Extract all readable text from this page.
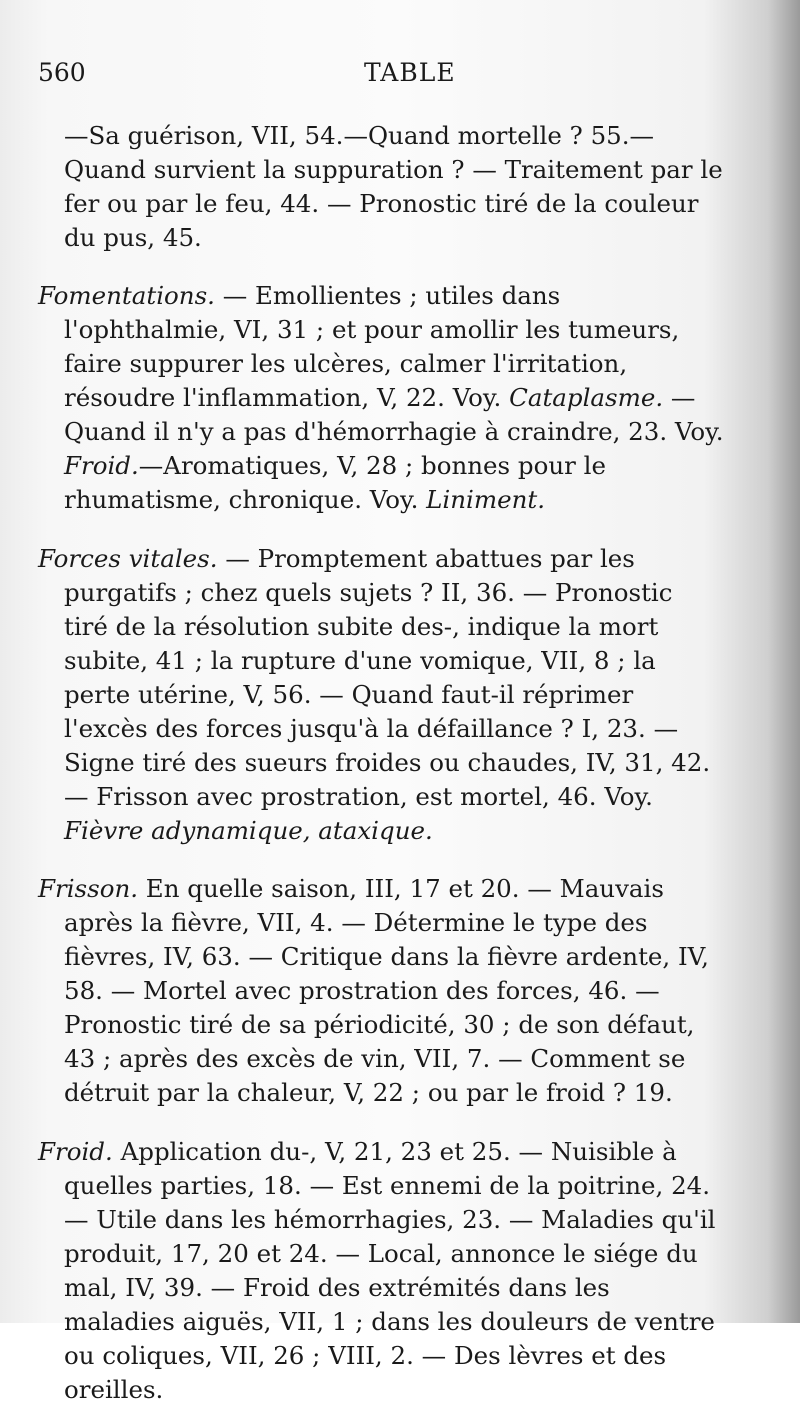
560	TABLE

—Sa guérison, VII, 54.—Quand mortelle ? 55.—Quand survient la suppuration ? — Traitement par le fer ou par le feu, 44. — Pronostic tiré de la couleur du pus, 45.

Fomentations. — Emollientes ; utiles dans l'ophthalmie, VI, 31 ; et pour amollir les tumeurs, faire suppurer les ulcères, calmer l'irritation, résoudre l'inflammation, V, 22. Voy. Cataplasme. — Quand il n'y a pas d'hémorrhagie à craindre, 23. Voy. Froid.—Aromatiques, V, 28 ; bonnes pour le rhumatisme, chronique. Voy. Liniment.

Forces vitales. — Promptement abattues par les purgatifs ; chez quels sujets ? II, 36. — Pronostic tiré de la résolution subite des-, indique la mort subite, 41 ; la rupture d'une vomique, VII, 8 ; la perte utérine, V, 56. — Quand faut-il réprimer l'excès des forces jusqu'à la défaillance ? I, 23. — Signe tiré des sueurs froides ou chaudes, IV, 31, 42. — Frisson avec prostration, est mortel, 46. Voy. Fièvre adynamique, ataxique.

Frisson. En quelle saison, III, 17 et 20. — Mauvais après la fièvre, VII, 4. — Détermine le type des fièvres, IV, 63. — Critique dans la fièvre ardente, IV, 58. — Mortel avec prostration des forces, 46. — Pronostic tiré de sa périodicité, 30 ; de son défaut, 43 ; après des excès de vin, VII, 7. — Comment se détruit par la chaleur, V, 22 ; ou par le froid ? 19.

Froid. Application du-, V, 21, 23 et 25. — Nuisible à quelles parties, 18. — Est ennemi de la poitrine, 24. — Utile dans les hémorrhagies, 23. — Maladies qu'il produit, 17, 20 et 24. — Local, annonce le siége du mal, IV, 39. — Froid des extrémités dans les maladies aiguës, VII, 1 ; dans les douleurs de ventre ou coliques, VII, 26 ; VIII, 2. — Des lèvres et des oreilles.
